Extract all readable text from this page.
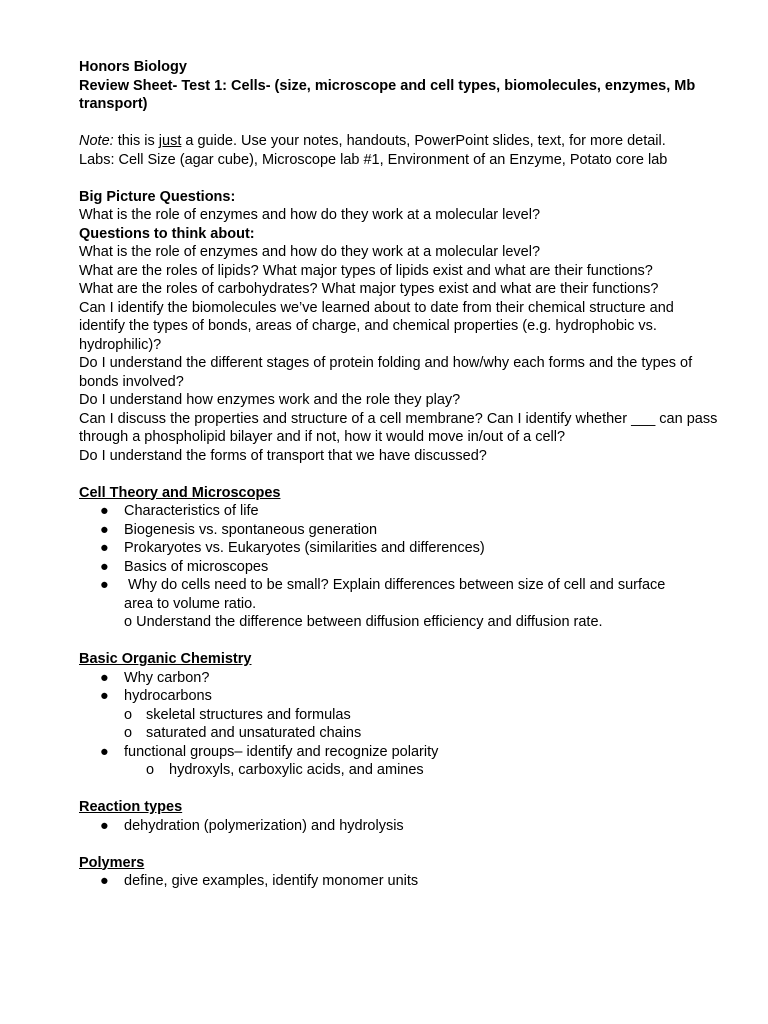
Honors Biology

Review Sheet- Test 1: Cells- (size, microscope and cell types, biomolecules, enzymes, Mb transport)

Note: this is just a guide. Use your notes, handouts, PowerPoint slides, text, for more detail.

Labs: Cell Size (agar cube), Microscope lab #1, Environment of an Enzyme, Potato core lab

Big Picture Questions:

What is the role of enzymes and how do they work at a molecular level?

Questions to think about:

What is the role of enzymes and how do they work at a molecular level?

What are the roles of lipids? What major types of lipids exist and what are their functions?

What are the roles of carbohydrates? What major types exist and what are their functions?

Can I identify the biomolecules we’ve learned about to date from their chemical structure and identify the types of bonds, areas of charge, and chemical properties (e.g. hydrophobic vs. hydrophilic)?

Do I understand the different stages of protein folding and how/why each forms and the types of bonds involved?

Do I understand how enzymes work and the role they play?

Can I discuss the properties and structure of a cell membrane? Can I identify whether ___ can pass through a phospholipid bilayer and if not, how it would move in/out of a cell?

Do I understand the forms of transport that we have discussed?

Cell Theory and Microscopes

● Characteristics of life
● Biogenesis vs. spontaneous generation
● Prokaryotes vs. Eukaryotes (similarities and differences)
● Basics of microscopes
● Why do cells need to be small? Explain differences between size of cell and surface
area to volume ratio.
o Understand the difference between diffusion efficiency and diffusion rate.

Basic Organic Chemistry

● Why carbon?
● hydrocarbons
o skeletal structures and formulas
o saturated and unsaturated chains
● functional groups– identify and recognize polarity
o hydroxyls, carboxylic acids, and amines

Reaction types

● dehydration (polymerization) and hydrolysis

Polymers

● define, give examples, identify monomer units
